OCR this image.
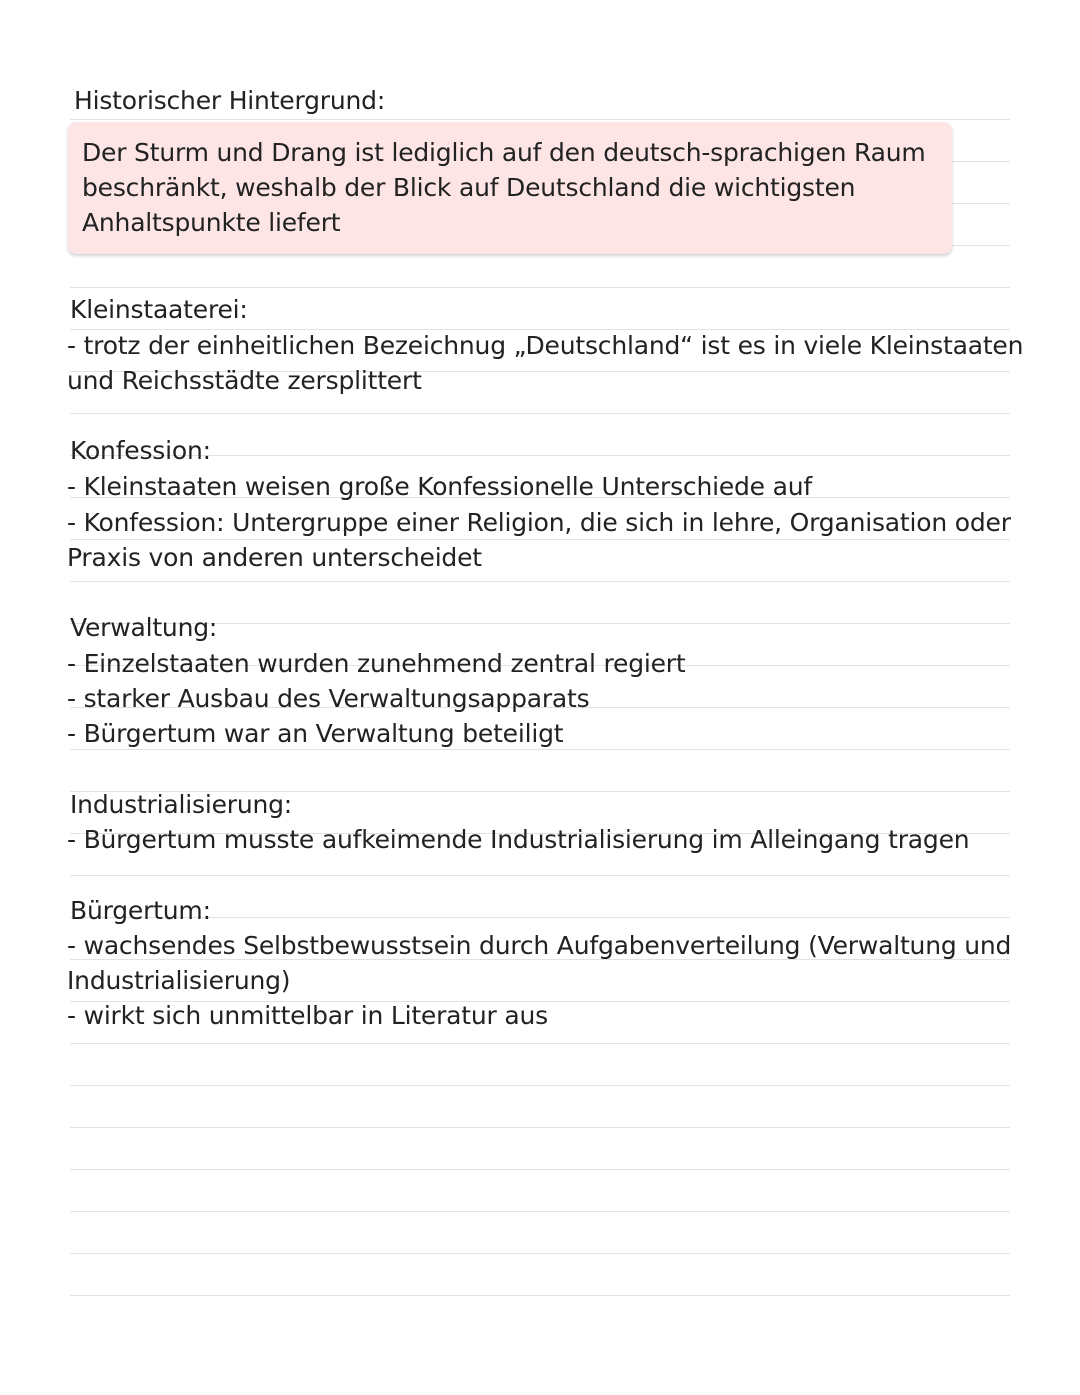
Historischer Hintergrund:
Der Sturm und Drang ist lediglich auf den deutsch-sprachigen Raum
beschränkt, weshalb der Blick auf Deutschland die wichtigsten
Anhaltspunkte liefert
Kleinstaaterei:
- trotz der einheitlichen Bezeichnug „Deutschland“ ist es in viele Kleinstaaten
und Reichsstädte zersplittert
Konfession:
- Kleinstaaten weisen große Konfessionelle Unterschiede auf
- Konfession: Untergruppe einer Religion, die sich in lehre, Organisation oder
Praxis von anderen unterscheidet
Verwaltung:
- Einzelstaaten wurden zunehmend zentral regiert
- starker Ausbau des Verwaltungsapparats
- Bürgertum war an Verwaltung beteiligt
Industrialisierung:
- Bürgertum musste aufkeimende Industrialisierung im Alleingang tragen
Bürgertum:
- wachsendes Selbstbewusstsein durch Aufgabenverteilung (Verwaltung und
Industrialisierung)
- wirkt sich unmittelbar in Literatur aus
